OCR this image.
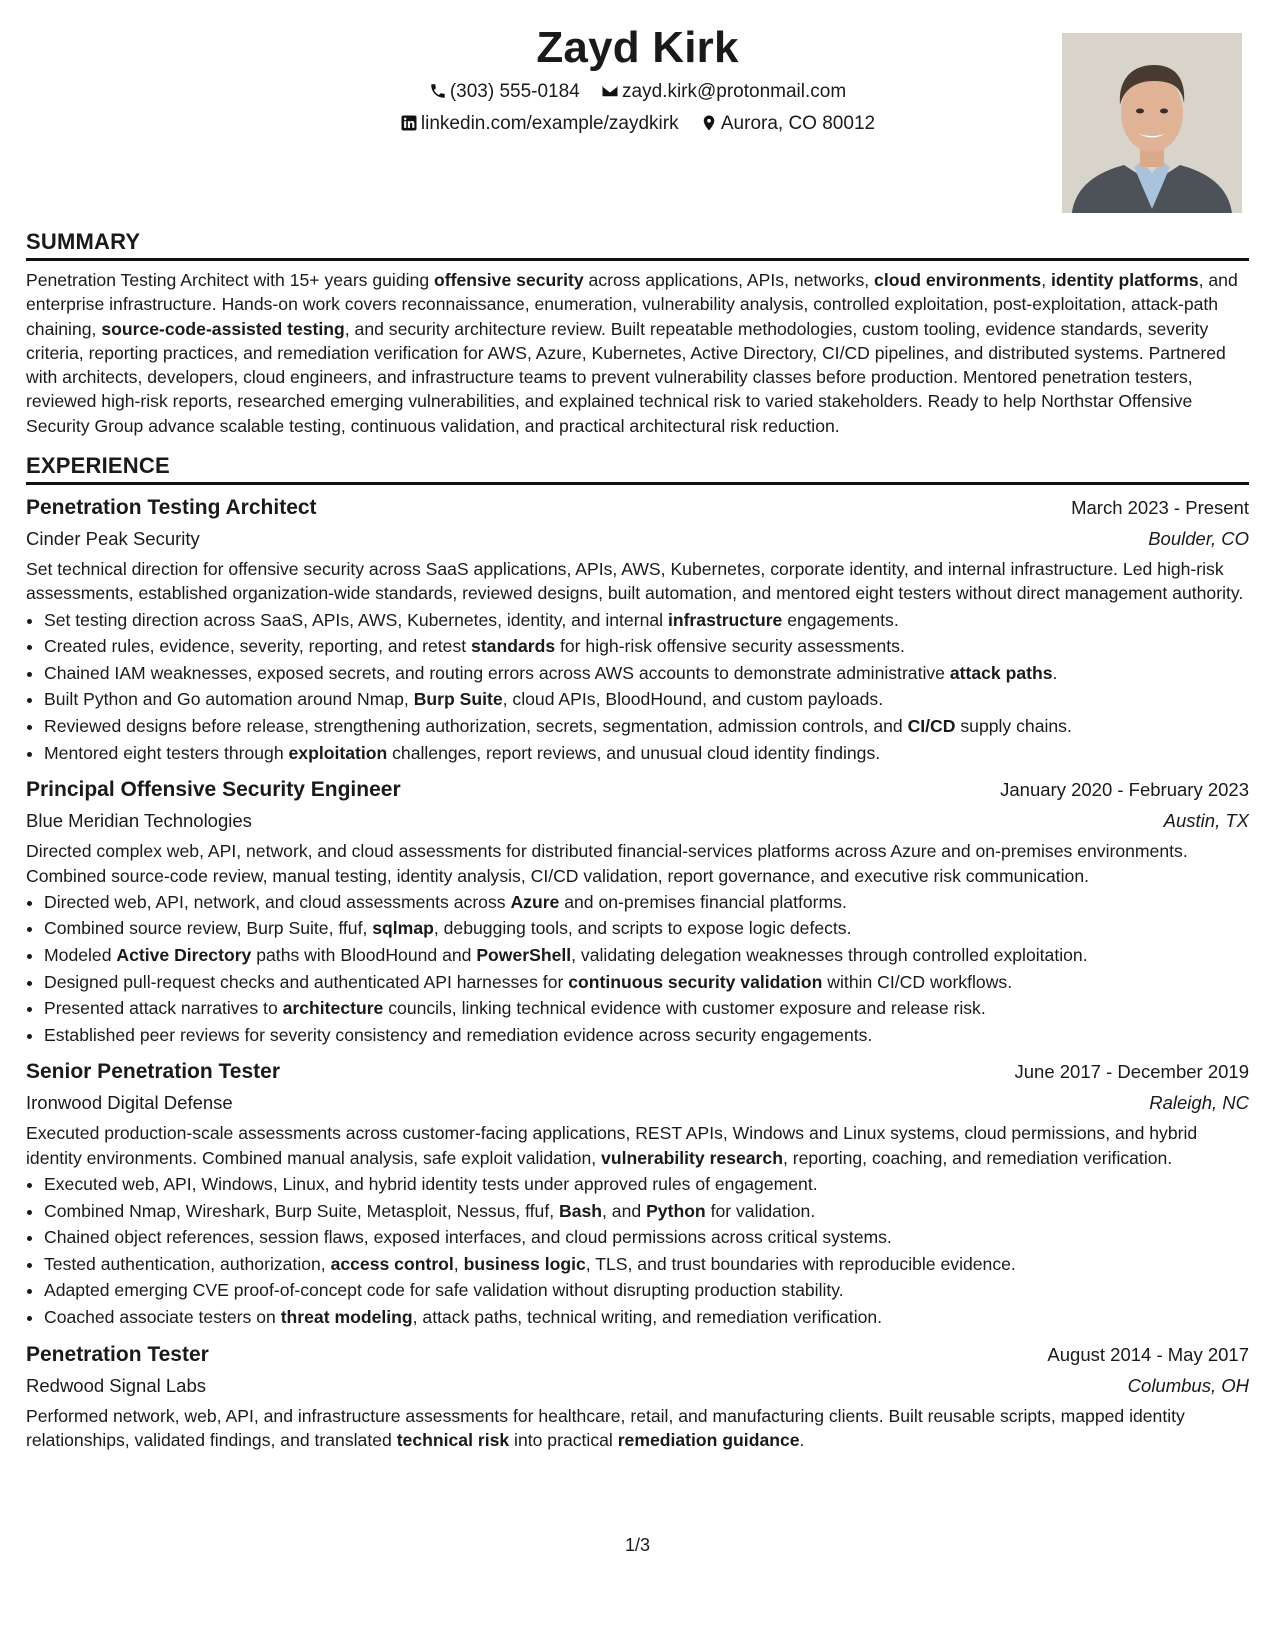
Zayd Kirk
(303) 555-0184 zayd.kirk@protonmail.com
linkedin.com/example/zaydkirk Aurora, CO 80012
SUMMARY

Penetration Testing Architect with 15+ years guiding offensive security across applications, APIs, networks, cloud environments, identity platforms, and enterprise infrastructure. Hands-on work covers reconnaissance, enumeration, vulnerability analysis, controlled exploitation, post-exploitation, attack-path chaining, source-code-assisted testing, and security architecture review. Built repeatable methodologies, custom tooling, evidence standards, severity criteria, reporting practices, and remediation verification for AWS, Azure, Kubernetes, Active Directory, CI/CD pipelines, and distributed systems. Partnered with architects, developers, cloud engineers, and infrastructure teams to prevent vulnerability classes before production. Mentored penetration testers, reviewed high-risk reports, researched emerging vulnerabilities, and explained technical risk to varied stakeholders. Ready to help Northstar Offensive Security Group advance scalable testing, continuous validation, and practical architectural risk reduction.

EXPERIENCE
Penetration Testing Architect	March 2023 - Present
Cinder Peak Security	Boulder, CO

Set technical direction for offensive security across SaaS applications, APIs, AWS, Kubernetes, corporate identity, and internal infrastructure. Led high-risk assessments, established organization-wide standards, reviewed designs, built automation, and mentored eight testers without direct management authority.

• Set testing direction across SaaS, APIs, AWS, Kubernetes, identity, and internal infrastructure engagements.
• Created rules, evidence, severity, reporting, and retest standards for high-risk offensive security assessments.
• Chained IAM weaknesses, exposed secrets, and routing errors across AWS accounts to demonstrate administrative attack paths.
• Built Python and Go automation around Nmap, Burp Suite, cloud APIs, BloodHound, and custom payloads.
• Reviewed designs before release, strengthening authorization, secrets, segmentation, admission controls, and CI/CD supply chains.
• Mentored eight testers through exploitation challenges, report reviews, and unusual cloud identity findings.
Principal Offensive Security Engineer	January 2020 - February 2023
Blue Meridian Technologies	Austin, TX

Directed complex web, API, network, and cloud assessments for distributed financial-services platforms across Azure and on-premises environments. Combined source-code review, manual testing, identity analysis, CI/CD validation, report governance, and executive risk communication.

• Directed web, API, network, and cloud assessments across Azure and on-premises financial platforms.
• Combined source review, Burp Suite, ffuf, sqlmap, debugging tools, and scripts to expose logic defects.
• Modeled Active Directory paths with BloodHound and PowerShell, validating delegation weaknesses through controlled exploitation.
• Designed pull-request checks and authenticated API harnesses for continuous security validation within CI/CD workflows.
• Presented attack narratives to architecture councils, linking technical evidence with customer exposure and release risk.
• Established peer reviews for severity consistency and remediation evidence across security engagements.
Senior Penetration Tester	June 2017 - December 2019
Ironwood Digital Defense	Raleigh, NC

Executed production-scale assessments across customer-facing applications, REST APIs, Windows and Linux systems, cloud permissions, and hybrid identity environments. Combined manual analysis, safe exploit validation, vulnerability research, reporting, coaching, and remediation verification.

• Executed web, API, Windows, Linux, and hybrid identity tests under approved rules of engagement.
• Combined Nmap, Wireshark, Burp Suite, Metasploit, Nessus, ffuf, Bash, and Python for validation.
• Chained object references, session flaws, exposed interfaces, and cloud permissions across critical systems.
• Tested authentication, authorization, access control, business logic, TLS, and trust boundaries with reproducible evidence.
• Adapted emerging CVE proof-of-concept code for safe validation without disrupting production stability.
• Coached associate testers on threat modeling, attack paths, technical writing, and remediation verification.
Penetration Tester	August 2014 - May 2017
Redwood Signal Labs	Columbus, OH

Performed network, web, API, and infrastructure assessments for healthcare, retail, and manufacturing clients. Built reusable scripts, mapped identity relationships, validated findings, and translated technical risk into practical remediation guidance.

1/3
